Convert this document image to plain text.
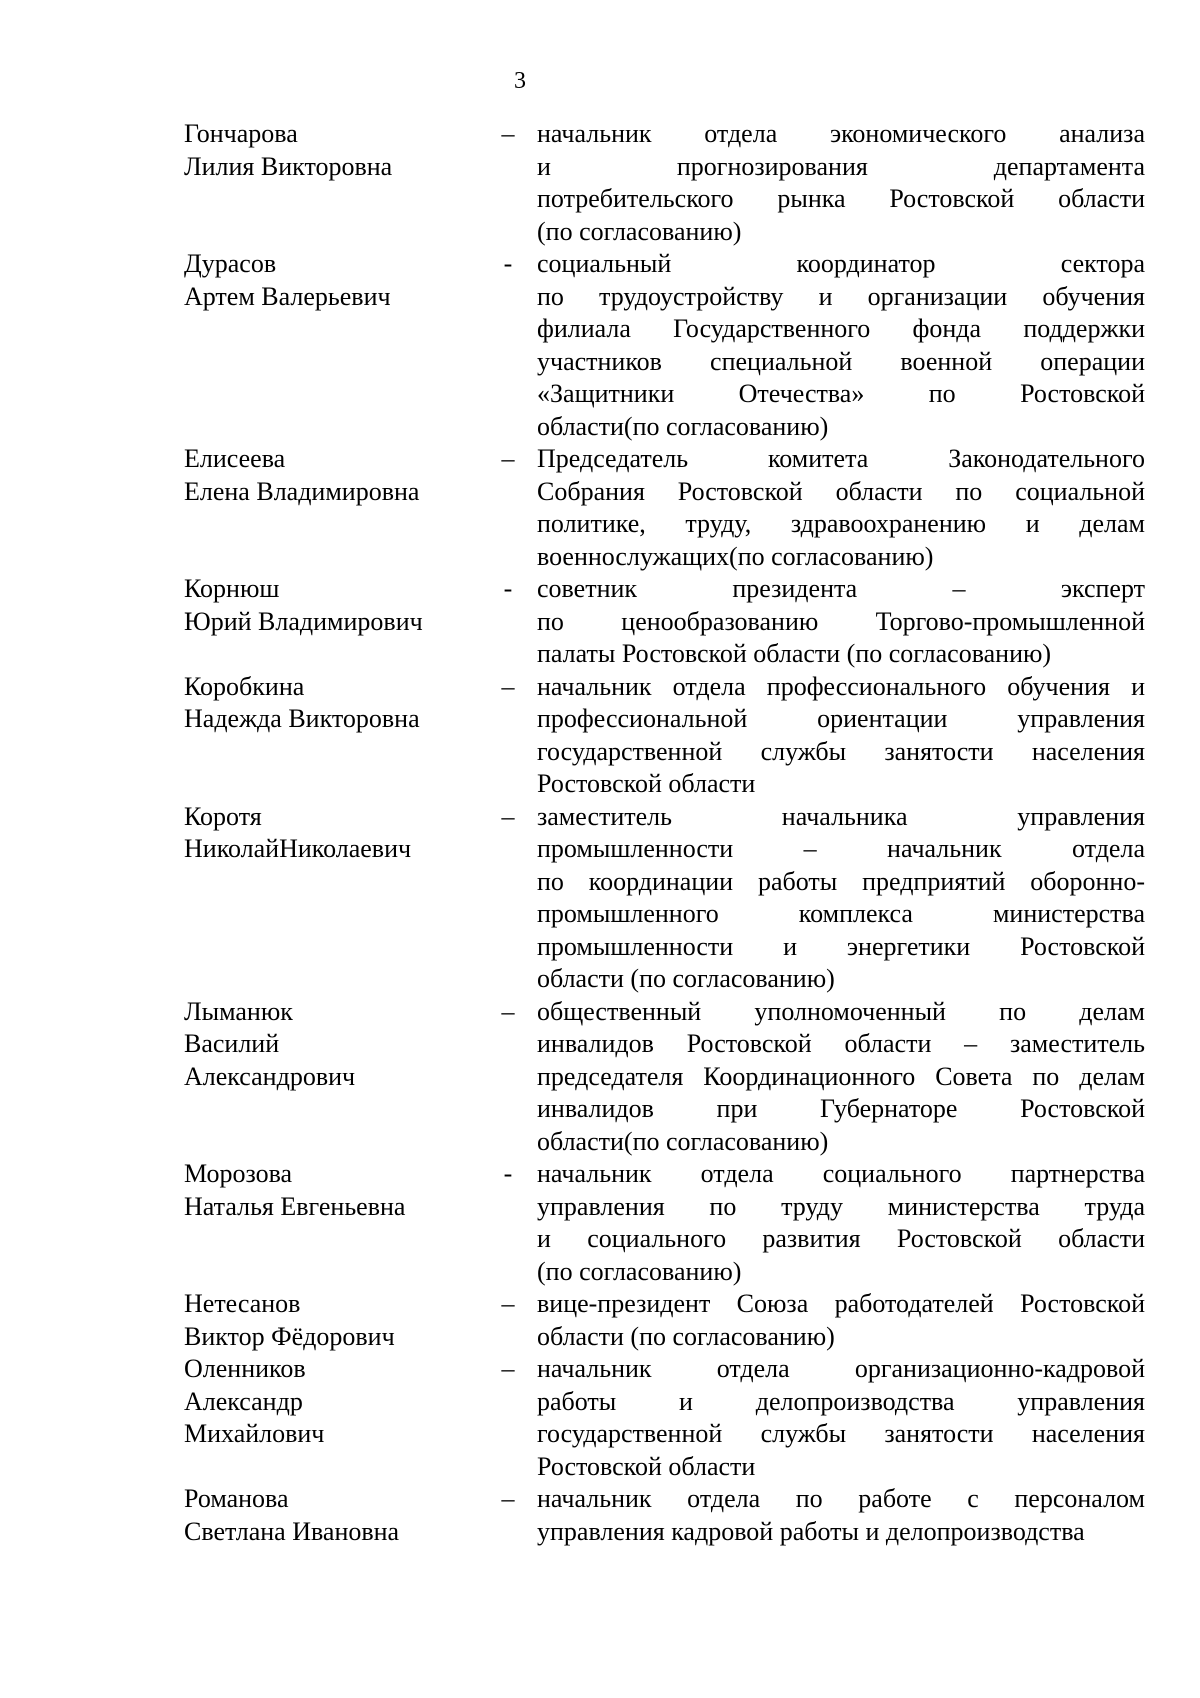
3
Гончарова
Лилия Викторовна
– начальник отдела экономического анализа
и прогнозирования департамента
потребительского рынка Ростовской области
(по согласованию)
Дурасов
Артем Валерьевич
- социальный координатор сектора
по трудоустройству и организации обучения
филиала Государственного фонда поддержки
участников специальной военной операции
«Защитники Отечества» по Ростовской
области(по согласованию)
Елисеева
Елена Владимировна
– Председатель комитета Законодательного
Собрания Ростовской области по социальной
политике, труду, здравоохранению и делам
военнослужащих(по согласованию)
Корнюш
Юрий Владимирович
- советник президента – эксперт
по ценообразованию Торгово-промышленной
палаты Ростовской области (по согласованию)
Коробкина
Надежда Викторовна
– начальник отдела профессионального обучения и
профессиональной ориентации управления
государственной службы занятости населения
Ростовской области
Коротя
НиколайНиколаевич
– заместитель начальника управления
промышленности – начальник отдела
по координации работы предприятий оборонно-
промышленного комплекса министерства
промышленности и энергетики Ростовской
области (по согласованию)
Лыманюк
Василий
Александрович
– общественный уполномоченный по делам
инвалидов Ростовской области – заместитель
председателя Координационного Совета по делам
инвалидов при Губернаторе Ростовской
области(по согласованию)
Морозова
Наталья Евгеньевна
- начальник отдела социального партнерства
управления по труду министерства труда
и социального развития Ростовской области
(по согласованию)
Нетесанов
Виктор Фёдорович
– вице-президент Союза работодателей Ростовской
области (по согласованию)
Оленников
Александр
Михайлович
– начальник отдела организационно-кадровой
работы и делопроизводства управления
государственной службы занятости населения
Ростовской области
Романова
Светлана Ивановна
– начальник отдела по работе с персоналом
управления кадровой работы и делопроизводства
